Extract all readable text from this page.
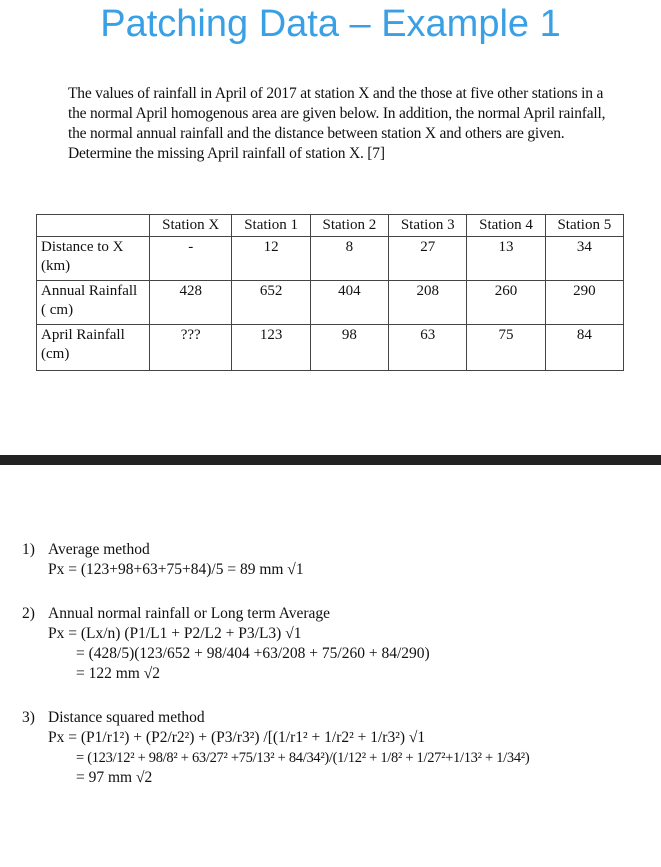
Patching Data – Example 1

The values of rainfall in April of 2017 at station X and the those at five other stations in a

the normal April homogenous area are given below. In addition, the normal April rainfall,

the normal annual rainfall and the distance between station X and others are given.

Determine the missing April rainfall of station X. [7]

	Station X	Station 1	Station 2	Station 3	Station 4	Station 5
Distance to X (km)	-	12	8	27	13	34
Annual Rainfall ( cm)	428	652	404	208	260	290
April Rainfall (cm)	???	123	98	63	75	84
1) Average method
Px = (123+98+63+75+84)/5 = 89 mm √1
2) Annual normal rainfall or Long term Average
Px = (Lx/n) (P1/L1 + P2/L2 + P3/L3) √1
= (428/5)(123/652 + 98/404 +63/208 + 75/260 + 84/290)
= 122 mm √2
3) Distance squared method
Px = (P1/r1²) + (P2/r2²) + (P3/r3²) /[(1/r1² + 1/r2² + 1/r3²) √1
= (123/12² + 98/8² + 63/27² +75/13² + 84/34²)/(1/12² + 1/8² + 1/27²+1/13² + 1/34²)
= 97 mm √2
